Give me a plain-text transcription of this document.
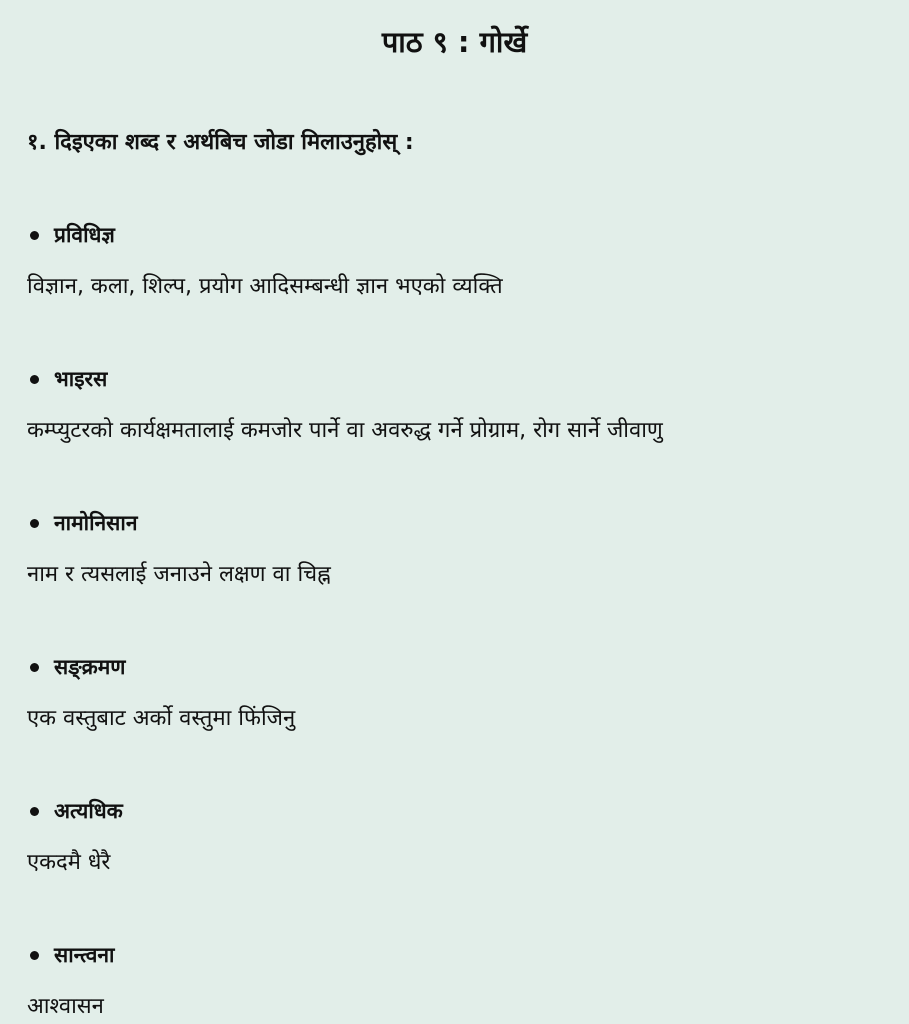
पाठ ९ : गोर्खे
१. दिइएका शब्द र अर्थबिच जोडा मिलाउनुहोस् :
प्रविधिज्ञ
विज्ञान, कला, शिल्प, प्रयोग आदिसम्बन्धी ज्ञान भएको व्यक्ति
भाइरस
कम्प्युटरको कार्यक्षमतालाई कमजोर पार्ने वा अवरुद्ध गर्ने प्रोग्राम, रोग सार्ने जीवाणु
नामोनिसान
नाम र त्यसलाई जनाउने लक्षण वा चिह्न
सङ्क्रमण
एक वस्तुबाट अर्को वस्तुमा फिंजिनु
अत्यधिक
एकदमै धेरै
सान्त्वना
आश्वासन
